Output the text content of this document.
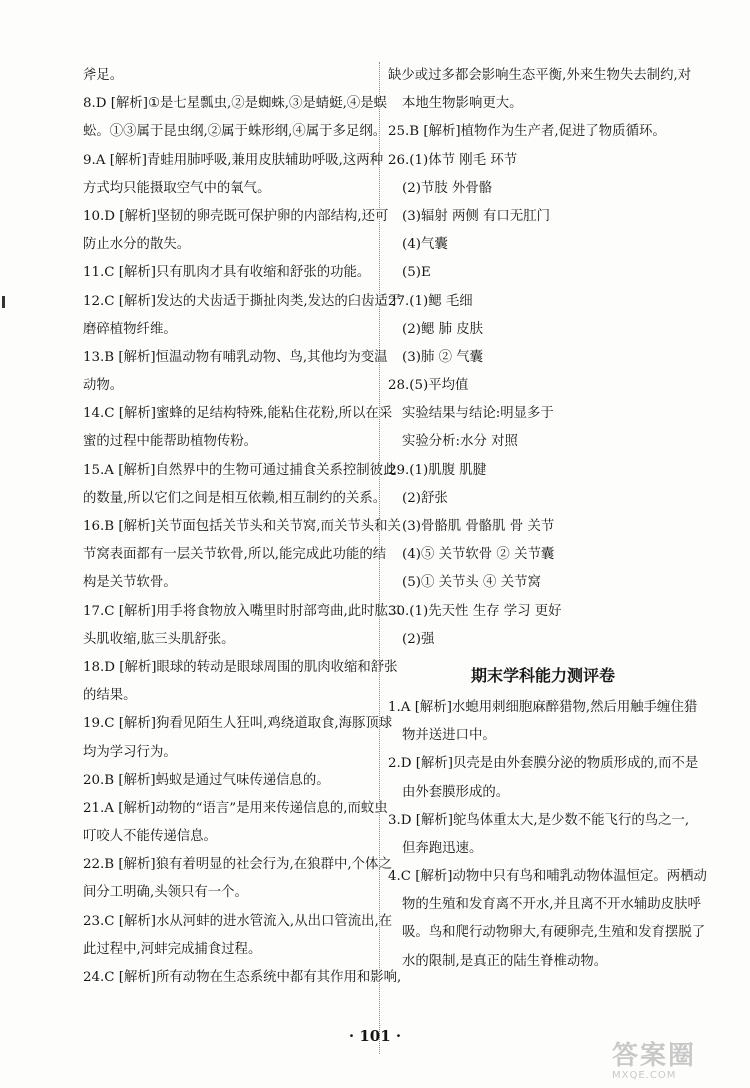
斧足。
8.D [解析]①是七星瓢虫,②是蜘蛛,③是蜻蜓,④是蜈
蚣。①③属于昆虫纲,②属于蛛形纲,④属于多足纲。
9.A [解析]青蛙用肺呼吸,兼用皮肤辅助呼吸,这两种
方式均只能摄取空气中的氧气。
10.D [解析]坚韧的卵壳既可保护卵的内部结构,还可
防止水分的散失。
11.C [解析]只有肌肉才具有收缩和舒张的功能。
12.C [解析]发达的犬齿适于撕扯肉类,发达的臼齿适于
磨碎植物纤维。
13.B [解析]恒温动物有哺乳动物、鸟,其他均为变温
动物。
14.C [解析]蜜蜂的足结构特殊,能粘住花粉,所以在采
蜜的过程中能帮助植物传粉。
15.A [解析]自然界中的生物可通过捕食关系控制彼此
的数量,所以它们之间是相互依赖,相互制约的关系。
16.B [解析]关节面包括关节头和关节窝,而关节头和关
节窝表面都有一层关节软骨,所以,能完成此功能的结
构是关节软骨。
17.C [解析]用手将食物放入嘴里时肘部弯曲,此时肱二
头肌收缩,肱三头肌舒张。
18.D [解析]眼球的转动是眼球周围的肌肉收缩和舒张
的结果。
19.C [解析]狗看见陌生人狂叫,鸡绕道取食,海豚顶球
均为学习行为。
20.B [解析]蚂蚁是通过气味传递信息的。
21.A [解析]动物的“语言”是用来传递信息的,而蚊虫
叮咬人不能传递信息。
22.B [解析]狼有着明显的社会行为,在狼群中,个体之
间分工明确,头领只有一个。
23.C [解析]水从河蚌的进水管流入,从出口管流出,在
此过程中,河蚌完成捕食过程。
24.C [解析]所有动物在生态系统中都有其作用和影响,
缺少或过多都会影响生态平衡,外来生物失去制约,对
本地生物影响更大。
25.B [解析]植物作为生产者,促进了物质循环。
26.(1)体节 刚毛 环节
(2)节肢 外骨骼
(3)辐射 两侧 有口无肛门
(4)气囊
(5)E
27.(1)鳃 毛细
(2)鳃 肺 皮肤
(3)肺 ② 气囊
28.(5)平均值
实验结果与结论:明显多于
实验分析:水分 对照
29.(1)肌腹 肌腱
(2)舒张
(3)骨骼肌 骨骼肌 骨 关节
(4)⑤ 关节软骨 ② 关节囊
(5)① 关节头 ④ 关节窝
30.(1)先天性 生存 学习 更好
(2)强
期末学科能力测评卷
1.A [解析]水螅用刺细胞麻醉猎物,然后用触手缠住猎
物并送进口中。
2.D [解析]贝壳是由外套膜分泌的物质形成的,而不是
由外套膜形成的。
3.D [解析]鸵鸟体重太大,是少数不能飞行的鸟之一,
但奔跑迅速。
4.C [解析]动物中只有鸟和哺乳动物体温恒定。两栖动
物的生殖和发育离不开水,并且离不开水辅助皮肤呼
吸。鸟和爬行动物卵大,有硬卵壳,生殖和发育摆脱了
水的限制,是真正的陆生脊椎动物。
· 101 ·
答案圈
MXQE.COM
